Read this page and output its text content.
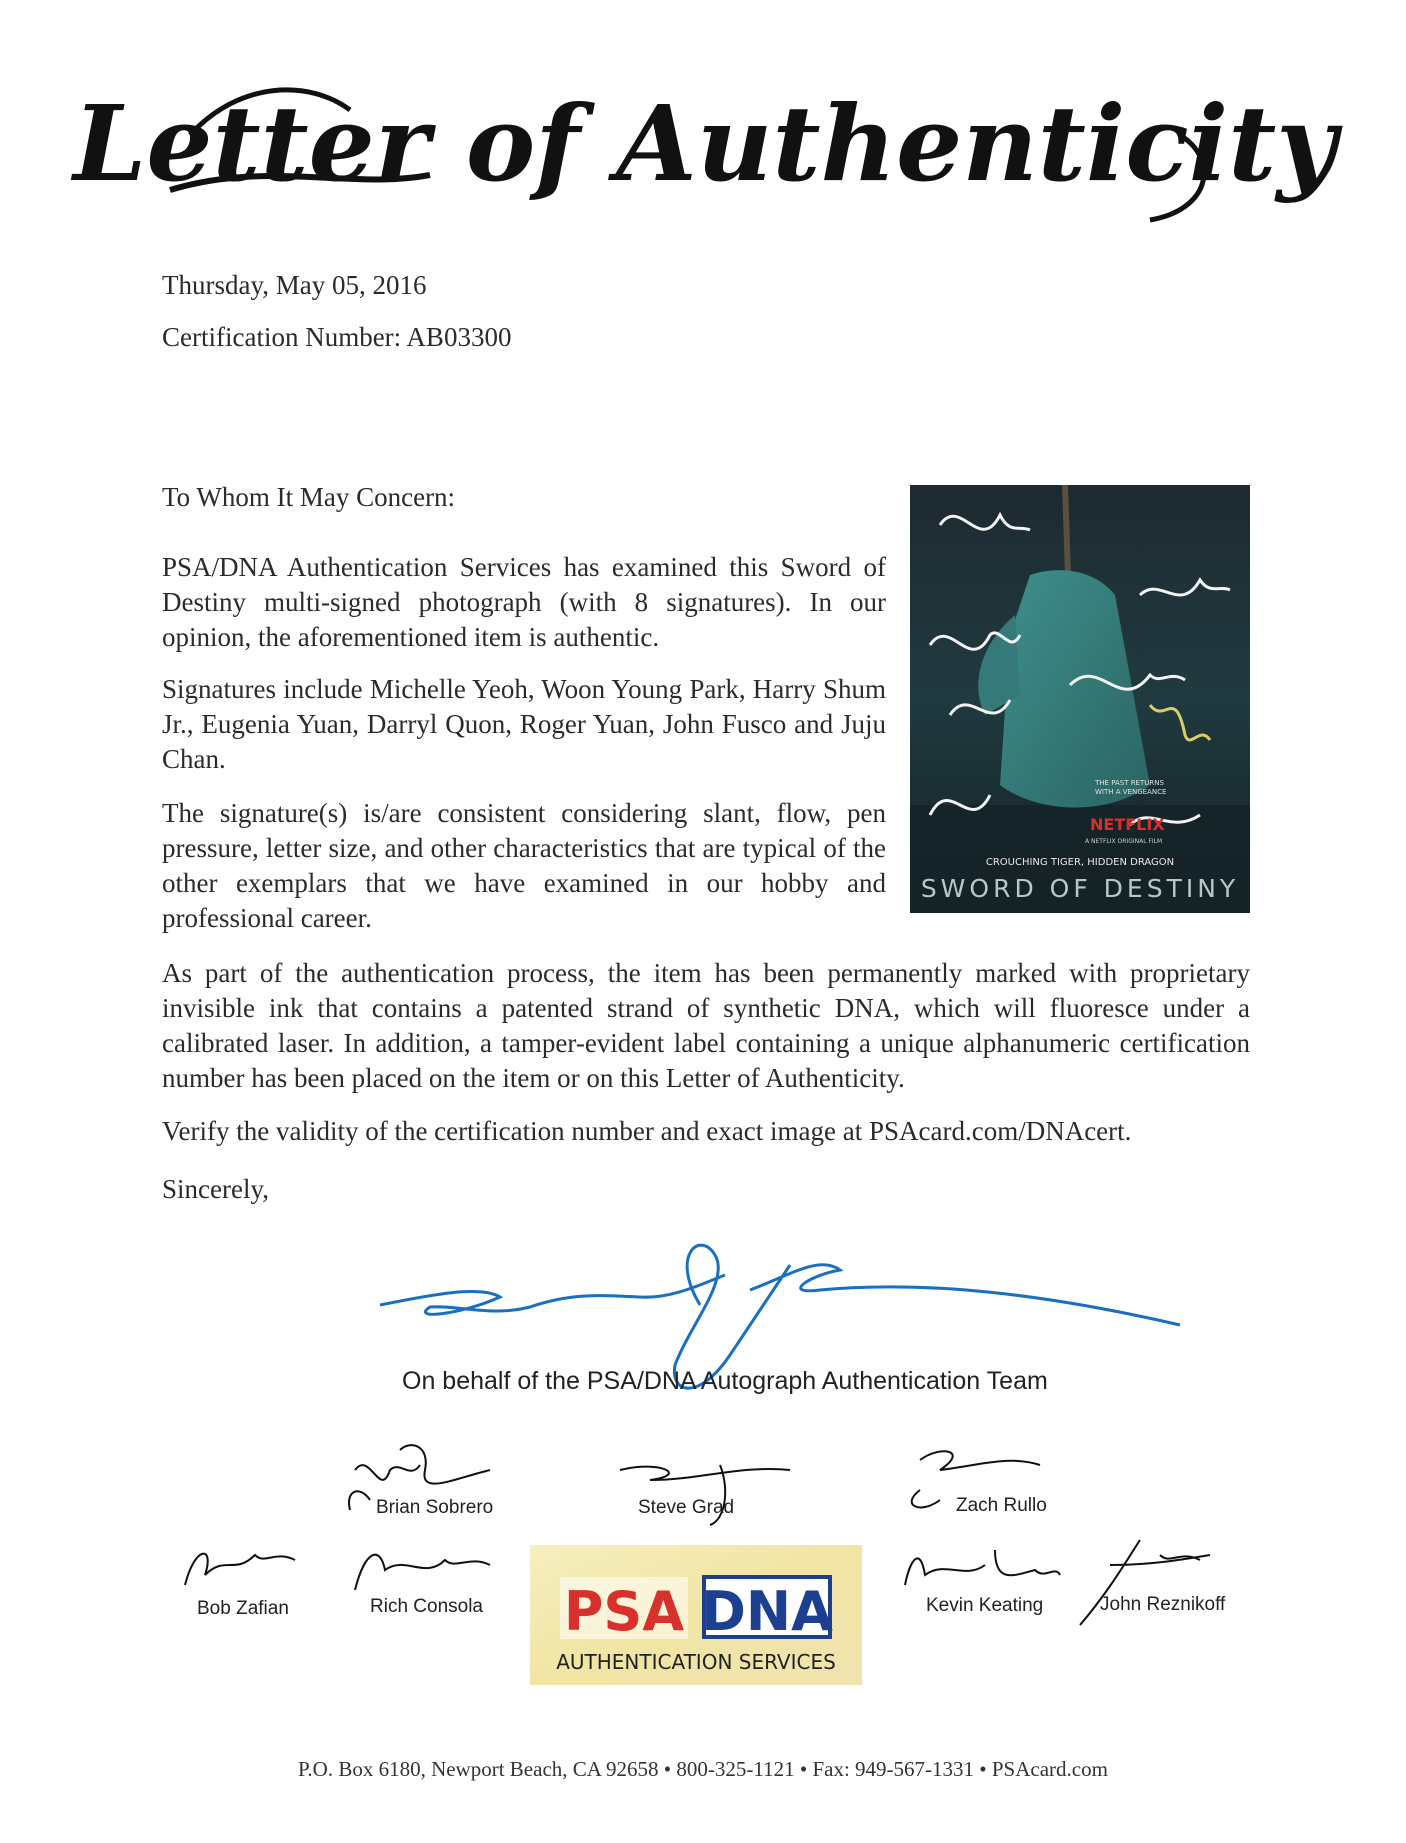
Letter of Authenticity
Thursday, May 05, 2016
Certification Number: AB03300
To Whom It May Concern:
PSA/DNA Authentication Services has examined this Sword of Destiny multi-signed photograph (with 8 signatures). In our opinion, the aforementioned item is authentic.
Signatures include Michelle Yeoh, Woon Young Park, Harry Shum Jr., Eugenia Yuan, Darryl Quon, Roger Yuan, John Fusco and Juju Chan.
The signature(s) is/are consistent considering slant, flow, pen pressure, letter size, and other characteristics that are typical of the other exemplars that we have examined in our hobby and professional career.
THE PAST RETURNS
WITH A VENGEANCE
NETFLIX
A NETFLIX ORIGINAL FILM
CROUCHING TIGER, HIDDEN DRAGON
SWORD OF DESTINY
As part of the authentication process, the item has been permanently marked with proprietary invisible ink that contains a patented strand of synthetic DNA, which will fluoresce under a calibrated laser. In addition, a tamper-evident label containing a unique alphanumeric certification number has been placed on the item or on this Letter of Authenticity.
Verify the validity of the certification number and exact image at PSAcard.com/DNAcert.
Sincerely,
On behalf of the PSA/DNA Autograph Authentication Team
Brian Sobrero	Steve Grad	Zach Rullo
Bob Zafian	Rich Consola	Kevin Keating	John Reznikoff
PSA DNA
AUTHENTICATION SERVICES
P.O. Box 6180, Newport Beach, CA 92658 • 800-325-1121 • Fax: 949-567-1331 • PSAcard.com
